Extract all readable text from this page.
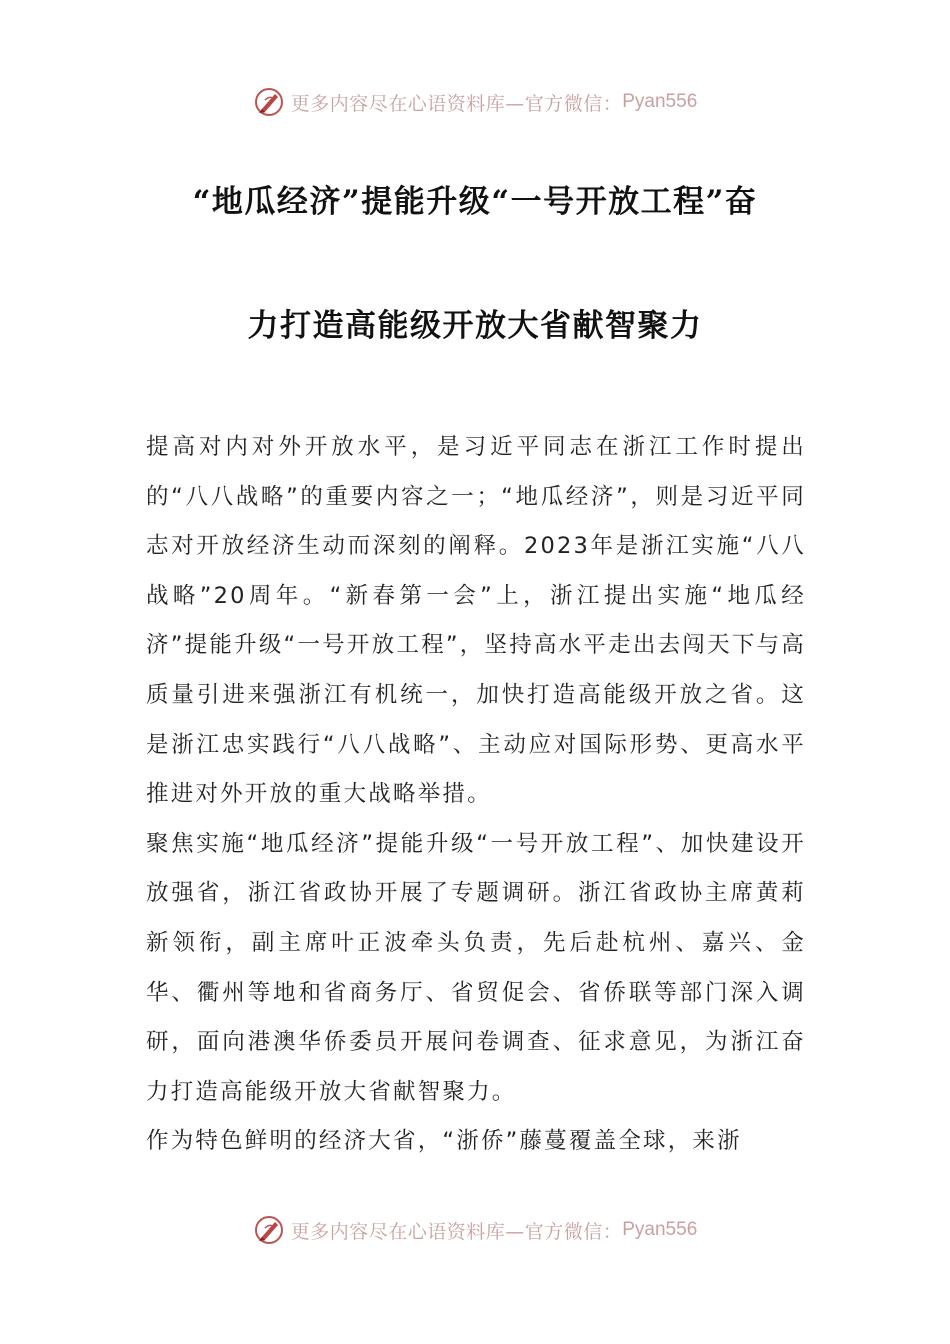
更多内容尽在心语资料库—官方微信： Pyan556
“地瓜经济”提能升级“一号开放工程”奋
力打造高能级开放大省献智聚力

提高对内对外开放水平，是习近平同志在浙江工作时提出的“八八战略”的重要内容之一；“地瓜经济”，则是习近平同志对开放经济生动而深刻的阐释。2023年是浙江实施“八八战略”20周年。“新春第一会”上，浙江提出实施“地瓜经济”提能升级“一号开放工程”，坚持高水平走出去闯天下与高质量引进来强浙江有机统一，加快打造高能级开放之省。这是浙江忠实践行“八八战略”、主动应对国际形势、更高水平推进对外开放的重大战略举措。

聚焦实施“地瓜经济”提能升级“一号开放工程”、加快建设开放强省，浙江省政协开展了专题调研。浙江省政协主席黄莉新领衔，副主席叶正波牵头负责，先后赴杭州、嘉兴、金华、衢州等地和省商务厅、省贸促会、省侨联等部门深入调研，面向港澳华侨委员开展问卷调查、征求意见，为浙江奋力打造高能级开放大省献智聚力。

作为特色鲜明的经济大省，“浙侨”藤蔓覆盖全球，来浙

更多内容尽在心语资料库—官方微信： Pyan556
